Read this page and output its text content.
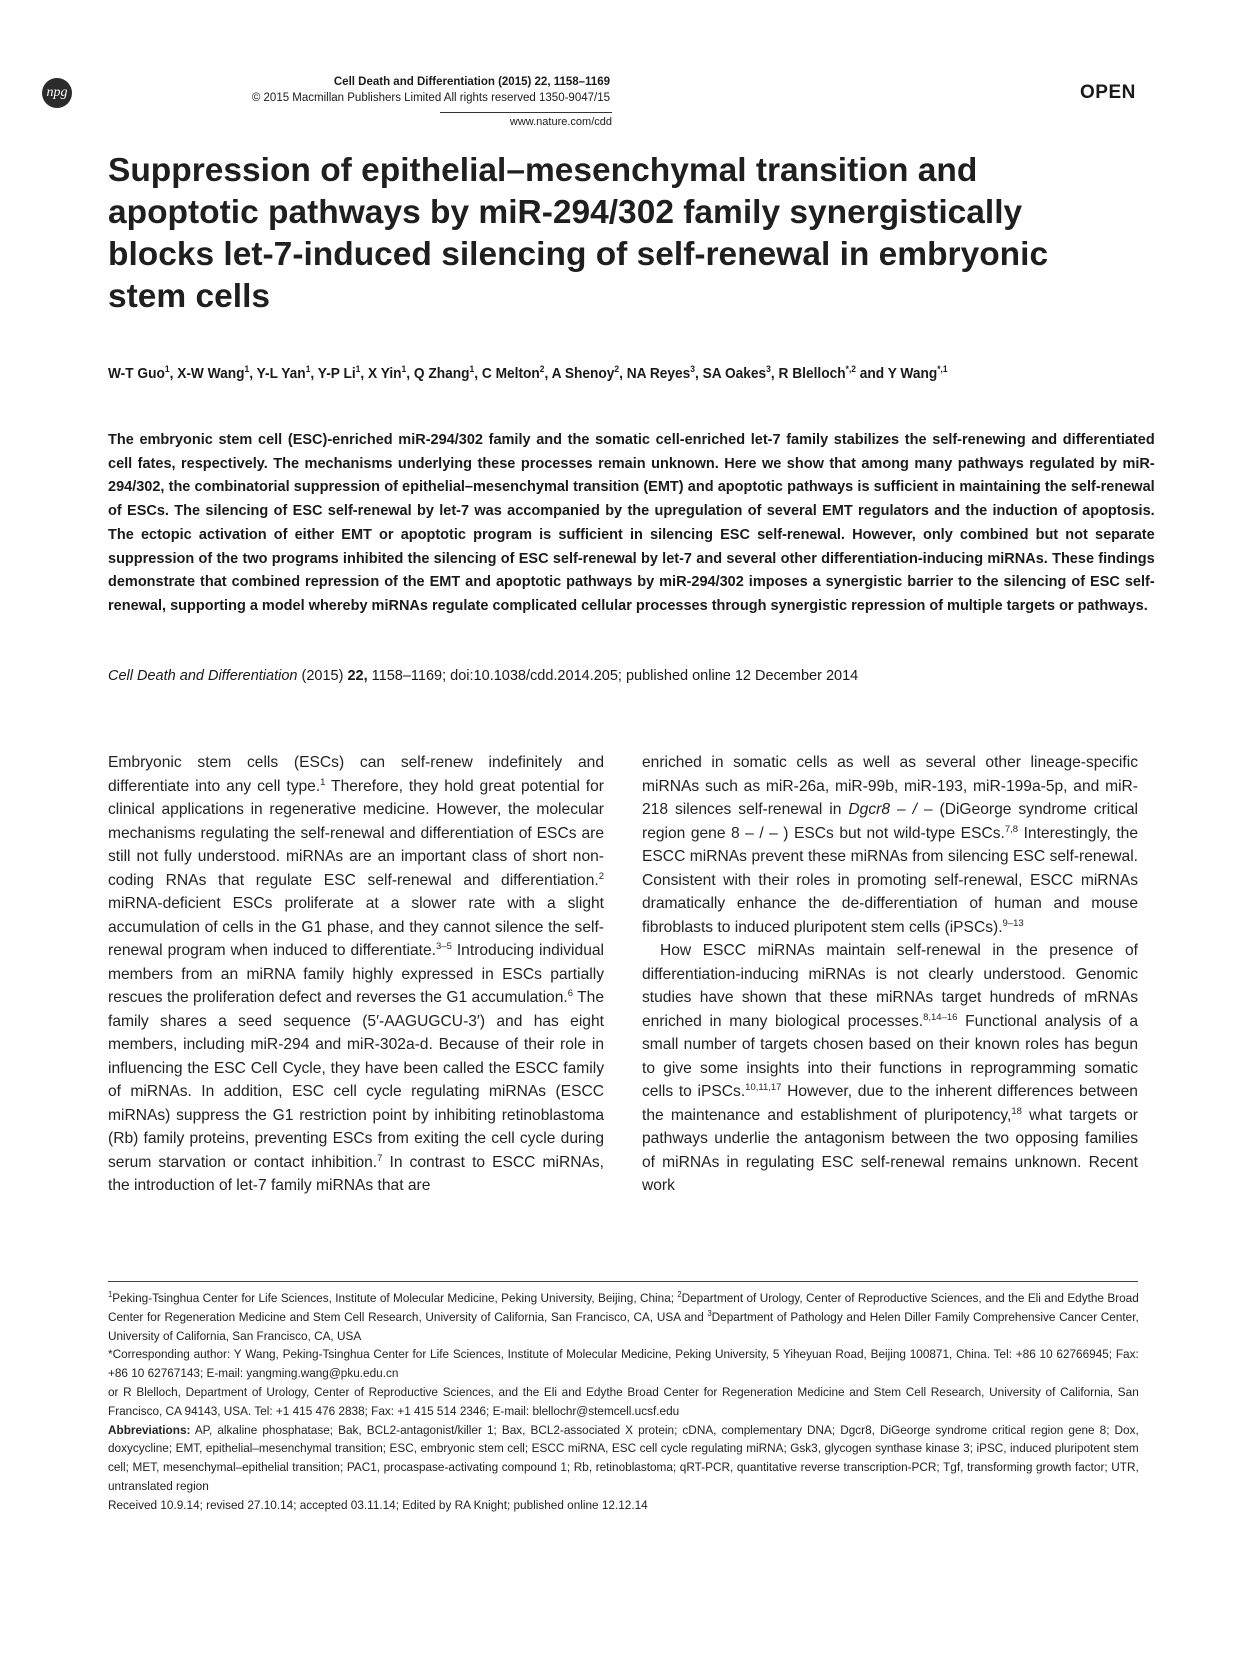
npg
Cell Death and Differentiation (2015) 22, 1158–1169
© 2015 Macmillan Publishers Limited All rights reserved 1350-9047/15
www.nature.com/cdd
OPEN
Suppression of epithelial–mesenchymal transition and apoptotic pathways by miR-294/302 family synergistically blocks let-7-induced silencing of self-renewal in embryonic stem cells
W-T Guo$^1$, X-W Wang$^1$, Y-L Yan$^1$, Y-P Li$^1$, X Yin$^1$, Q Zhang$^1$, C Melton$^2$, A Shenoy$^2$, NA Reyes$^3$, SA Oakes$^3$, R Blelloch$^{*,2}$ and Y Wang$^{*,1}$
The embryonic stem cell (ESC)-enriched miR-294/302 family and the somatic cell-enriched let-7 family stabilizes the self-renewing and differentiated cell fates, respectively. The mechanisms underlying these processes remain unknown. Here we show that among many pathways regulated by miR-294/302, the combinatorial suppression of epithelial–mesenchymal transition (EMT) and apoptotic pathways is sufficient in maintaining the self-renewal of ESCs. The silencing of ESC self-renewal by let-7 was accompanied by the upregulation of several EMT regulators and the induction of apoptosis. The ectopic activation of either EMT or apoptotic program is sufficient in silencing ESC self-renewal. However, only combined but not separate suppression of the two programs inhibited the silencing of ESC self-renewal by let-7 and several other differentiation-inducing miRNAs. These findings demonstrate that combined repression of the EMT and apoptotic pathways by miR-294/302 imposes a synergistic barrier to the silencing of ESC self-renewal, supporting a model whereby miRNAs regulate complicated cellular processes through synergistic repression of multiple targets or pathways.
Cell Death and Differentiation (2015) 22, 1158–1169; doi:10.1038/cdd.2014.205; published online 12 December 2014

Embryonic stem cells (ESCs) can self-renew indefinitely and differentiate into any cell type.$^1$ Therefore, they hold great potential for clinical applications in regenerative medicine. However, the molecular mechanisms regulating the self-renewal and differentiation of ESCs are still not fully understood. miRNAs are an important class of short non-coding RNAs that regulate ESC self-renewal and differentiation.$^2$ miRNA-deficient ESCs proliferate at a slower rate with a slight accumulation of cells in the G1 phase, and they cannot silence the self-renewal program when induced to differentiate.$^{3-5}$ Introducing individual members from an miRNA family highly expressed in ESCs partially rescues the proliferation defect and reverses the G1 accumulation.$^6$ The family shares a seed sequence (5′-AAGUGCU-3′) and has eight members, including miR-294 and miR-302a-d. Because of their role in influencing the ESC Cell Cycle, they have been called the ESCC family of miRNAs. In addition, ESC cell cycle regulating miRNAs (ESCC miRNAs) suppress the G1 restriction point by inhibiting retinoblastoma (Rb) family proteins, preventing ESCs from exiting the cell cycle during serum starvation or contact inhibition.$^7$ In contrast to ESCC miRNAs, the introduction of let-7 family miRNAs that are

enriched in somatic cells as well as several other lineage-specific miRNAs such as miR-26a, miR-99b, miR-193, miR-199a-5p, and miR-218 silences self-renewal in Dgcr8 – / – (DiGeorge syndrome critical region gene 8 – / – ) ESCs but not wild-type ESCs.$^{7,8}$ Interestingly, the ESCC miRNAs prevent these miRNAs from silencing ESC self-renewal. Consistent with their roles in promoting self-renewal, ESCC miRNAs dramatically enhance the de-differentiation of human and mouse fibroblasts to induced pluripotent stem cells (iPSCs).$^{9-13}$

How ESCC miRNAs maintain self-renewal in the presence of differentiation-inducing miRNAs is not clearly understood. Genomic studies have shown that these miRNAs target hundreds of mRNAs enriched in many biological processes.$^{8,14-16}$ Functional analysis of a small number of targets chosen based on their known roles has begun to give some insights into their functions in reprogramming somatic cells to iPSCs.$^{10,11,17}$ However, due to the inherent differences between the maintenance and establishment of pluripotency,$^{18}$ what targets or pathways underlie the antagonism between the two opposing families of miRNAs in regulating ESC self-renewal remains unknown. Recent work

$^1$Peking-Tsinghua Center for Life Sciences, Institute of Molecular Medicine, Peking University, Beijing, China; $^2$Department of Urology, Center of Reproductive Sciences, and the Eli and Edythe Broad Center for Regeneration Medicine and Stem Cell Research, University of California, San Francisco, CA, USA and $^3$Department of Pathology and Helen Diller Family Comprehensive Cancer Center, University of California, San Francisco, CA, USA

*Corresponding author: Y Wang, Peking-Tsinghua Center for Life Sciences, Institute of Molecular Medicine, Peking University, 5 Yiheyuan Road, Beijing 100871, China. Tel: +86 10 62766945; Fax: +86 10 62767143; E-mail: yangming.wang@pku.edu.cn

or R Blelloch, Department of Urology, Center of Reproductive Sciences, and the Eli and Edythe Broad Center for Regeneration Medicine and Stem Cell Research, University of California, San Francisco, CA 94143, USA. Tel: +1 415 476 2838; Fax: +1 415 514 2346; E-mail: blellochr@stemcell.ucsf.edu

Abbreviations: AP, alkaline phosphatase; Bak, BCL2-antagonist/killer 1; Bax, BCL2-associated X protein; cDNA, complementary DNA; Dgcr8, DiGeorge syndrome critical region gene 8; Dox, doxycycline; EMT, epithelial–mesenchymal transition; ESC, embryonic stem cell; ESCC miRNA, ESC cell cycle regulating miRNA; Gsk3, glycogen synthase kinase 3; iPSC, induced pluripotent stem cell; MET, mesenchymal–epithelial transition; PAC1, procaspase-activating compound 1; Rb, retinoblastoma; qRT-PCR, quantitative reverse transcription-PCR; Tgf, transforming growth factor; UTR, untranslated region

Received 10.9.14; revised 27.10.14; accepted 03.11.14; Edited by RA Knight; published online 12.12.14
